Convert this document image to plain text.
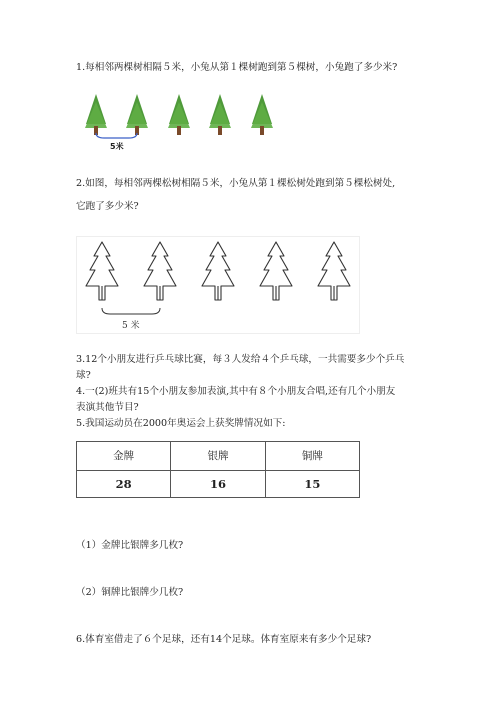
1.每相邻两棵树相隔５米，小兔从第１棵树跑到第５棵树，小兔跑了多少米?
5米
2.如图，每相邻两棵松树相隔５米，小兔从第１棵松树处跑到第５棵松树处,
它跑了多少米?
5 米
3.12个小朋友进行乒乓球比赛，每３人发给４个乒乓球，一共需要多少个乒乓
球?
4.一(2)班共有15个小朋友参加表演,其中有８个小朋友合唱,还有几个小朋友
表演其他节目?
5.我国运动员在2000年奥运会上获奖牌情况如下:
金牌	银牌	铜牌
28	16	15
（1）金牌比银牌多几枚?
（2）铜牌比银牌少几枚?
6.体育室借走了６个足球，还有14个足球。体育室原来有多少个足球?
